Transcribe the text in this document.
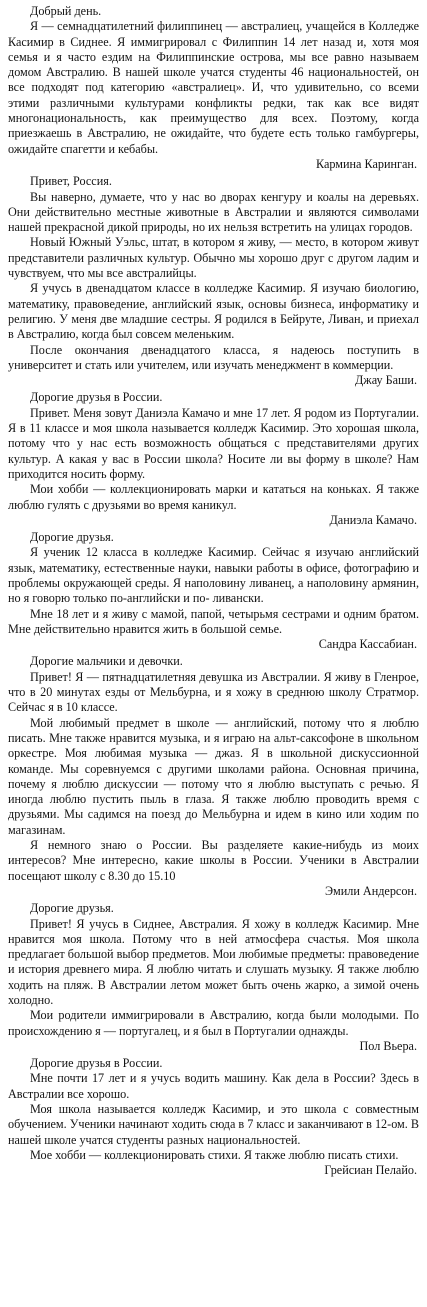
Добрый день.

Я — семнадцатилетний филиппинец — австралиец, учащейся в Колледже Касимир в Сиднее. Я иммигрировал с Филиппин 14 лет назад и, хотя моя семья и я часто ездим на Филиппинские острова, мы все равно называем домом Австралию. В нашей школе учатся студенты 46 национальностей, он все подходят под категорию «австралиец». И, что удивительно, со всеми этими различными культурами конфликты редки, так как все видят многонациональность, как преимущество для всех. Поэтому, когда приезжаешь в Австралию, не ожидайте, что будете есть только гамбургеры, ожидайте спагетти и кебабы.

Кармина Каринган.

Привет, Россия.

Вы наверно, думаете, что у нас во дворах кенгуру и коалы на деревьях. Они действительно местные животные в Австралии и являются символами нашей прекрасной дикой природы, но их нельзя встретить на улицах городов.

Новый Южный Уэльс, штат, в котором я живу, — место, в котором живут представители различных культур. Обычно мы хорошо друг с другом ладим и чувствуем, что мы все австралийцы.

Я учусь в двенадцатом классе в колледже Касимир. Я изучаю биологию, математику, правоведение, английский язык, основы бизнеса, информатику и религию. У меня две младшие сестры. Я родился в Бейруте, Ливан, и приехал в Австралию, когда был совсем меленьким.

После окончания двенадцатого класса, я надеюсь поступить в университет и стать или учителем, или изучать менеджмент в коммерции.

Джау Баши.

Дорогие друзья в России.

Привет. Меня зовут Даниэла Камачо и мне 17 лет. Я родом из Португалии. Я в 11 классе и моя школа называется колледж Касимир. Это хорошая школа, потому что у нас есть возможность общаться с представителями других культур. А какая у вас в России школа? Носите ли вы форму в школе? Нам приходится носить форму.

Мои хобби — коллекционировать марки и кататься на коньках. Я также люблю гулять с друзьями во время каникул.

Даниэла Камачо.

Дорогие друзья.

Я ученик 12 класса в колледже Касимир. Сейчас я изучаю английский язык, математику, естественные науки, навыки работы в офисе, фотографию и проблемы окружающей среды. Я наполовину ливанец, а наполовину армянин, но я говорю только по-английски и по- ливански.

Мне 18 лет и я живу с мамой, папой, четырьмя сестрами и одним братом. Мне действительно нравится жить в большой семье.

Сандра Кассабиан.

Дорогие мальчики и девочки.

Привет! Я — пятнадцатилетняя девушка из Австралии. Я живу в Гленрое, что в 20 минутах езды от Мельбурна, и я хожу в среднюю школу Стратмор. Сейчас я в 10 классе.

Мой любимый предмет в школе — английский, потому что я люблю писать. Мне также нравится музыка, и я играю на альт-саксофоне в школьном оркестре. Моя любимая музыка — джаз. Я в школьной дискуссионной команде. Мы соревнуемся с другими школами района. Основная причина, почему я люблю дискуссии — потому что я люблю выступать с речью. Я иногда люблю пустить пыль в глаза. Я также люблю проводить время с друзьями. Мы садимся на поезд до Мельбурна и идем в кино или ходим по магазинам.

Я немного знаю о России. Вы разделяете какие-нибудь из моих интересов? Мне интересно, какие школы в России. Ученики в Австралии посещают школу с 8.30 до 15.10

Эмили Андерсон.

Дорогие друзья.

Привет! Я учусь в Сиднее, Австралия. Я хожу в колледж Касимир. Мне нравится моя школа. Потому что в ней атмосфера счастья. Моя школа предлагает большой выбор предметов. Мои любимые предметы: правоведение и история древнего мира. Я люблю читать и слушать музыку. Я также люблю ходить на пляж. В Австралии летом может быть очень жарко, а зимой очень холодно.

Мои родители иммигрировали в Австралию, когда были молодыми. По происхождению я — португалец, и я был в Португалии однажды.

Пол Вьера.

Дорогие друзья в России.

Мне почти 17 лет и я учусь водить машину. Как дела в России? Здесь в Австралии все хорошо.

Моя школа называется колледж Касимир, и это школа с совместным обучением. Ученики начинают ходить сюда в 7 класс и заканчивают в 12-ом. В нашей школе учатся студенты разных национальностей.

Мое хобби — коллекционировать стихи. Я также люблю писать стихи.

Грейсиан Пелайо.
